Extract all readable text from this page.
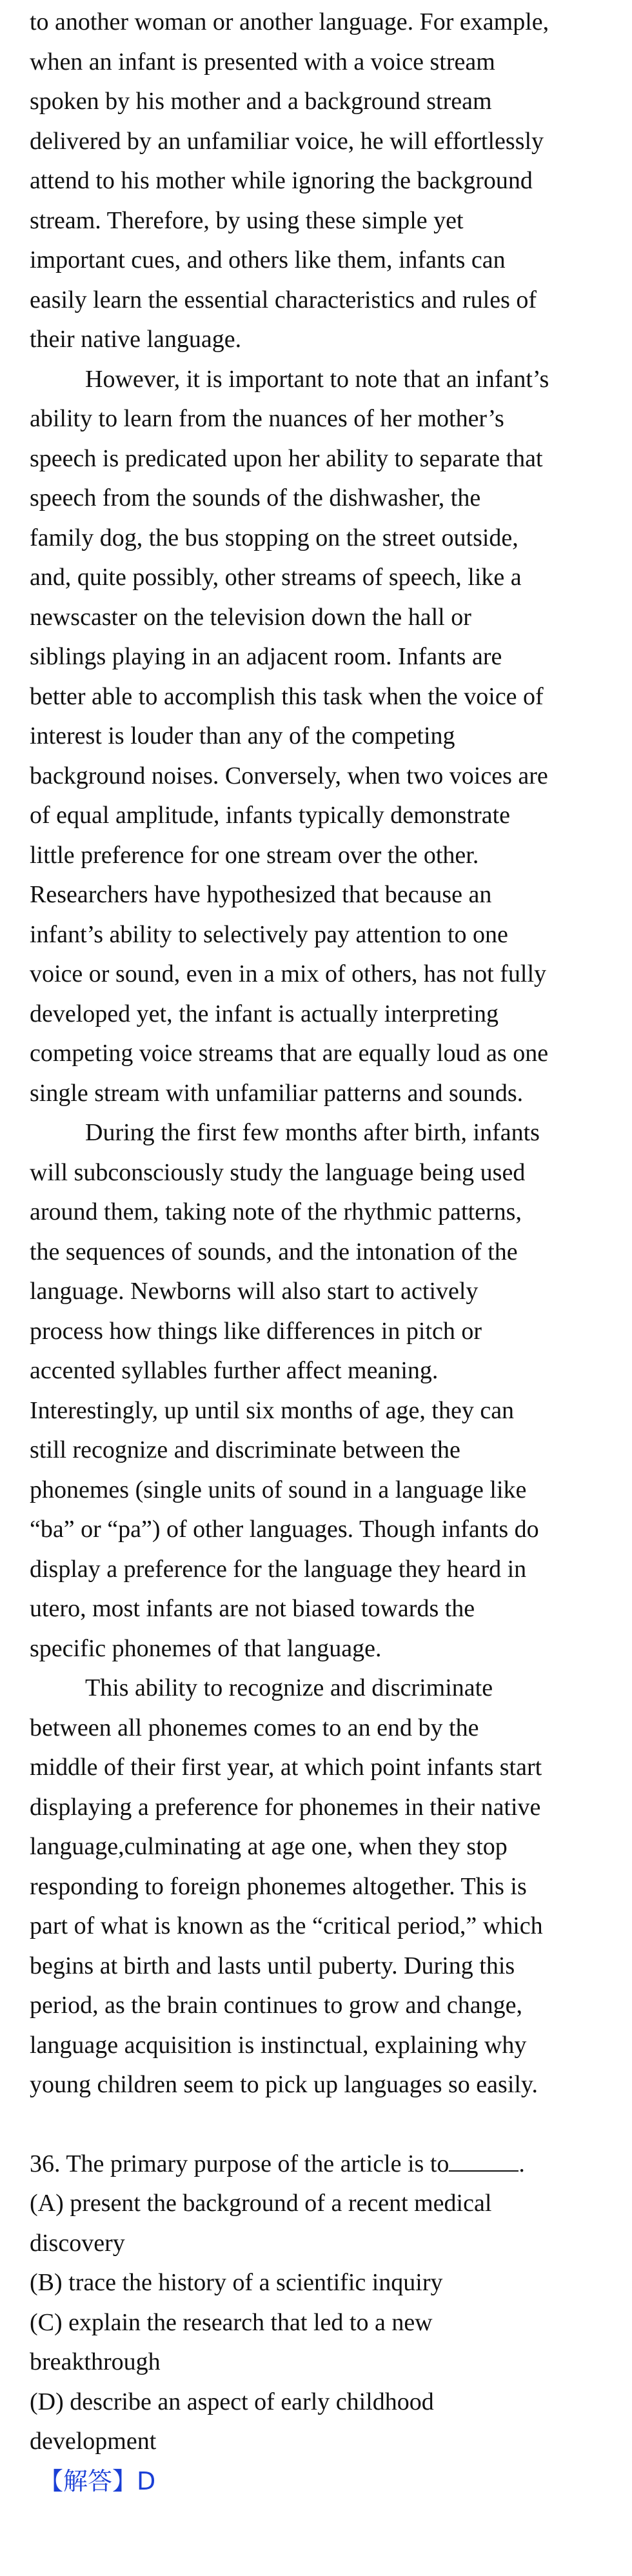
to another woman or another language. For example,
when an infant is presented with a voice stream
spoken by his mother and a background stream
delivered by an unfamiliar voice, he will effortlessly
attend to his mother while ignoring the background
stream. Therefore, by using these simple yet
important cues, and others like them, infants can
easily learn the essential characteristics and rules of
their native language.

However, it is important to note that an infant’s
ability to learn from the nuances of her mother’s
speech is predicated upon her ability to separate that
speech from the sounds of the dishwasher, the
family dog, the bus stopping on the street outside,
and, quite possibly, other streams of speech, like a
newscaster on the television down the hall or
siblings playing in an adjacent room. Infants are
better able to accomplish this task when the voice of
interest is louder than any of the competing
background noises. Conversely, when two voices are
of equal amplitude, infants typically demonstrate
little preference for one stream over the other.
Researchers have hypothesized that because an
infant’s ability to selectively pay attention to one
voice or sound, even in a mix of others, has not fully
developed yet, the infant is actually interpreting
competing voice streams that are equally loud as one
single stream with unfamiliar patterns and sounds.

During the first few months after birth, infants
will subconsciously study the language being used
around them, taking note of the rhythmic patterns,
the sequences of sounds, and the intonation of the
language. Newborns will also start to actively
process how things like differences in pitch or
accented syllables further affect meaning.
Interestingly, up until six months of age, they can
still recognize and discriminate between the
phonemes (single units of sound in a language like
“ba” or “pa”) of other languages. Though infants do
display a preference for the language they heard in
utero, most infants are not biased towards the
specific phonemes of that language.

This ability to recognize and discriminate
between all phonemes comes to an end by the
middle of their first year, at which point infants start
displaying a preference for phonemes in their native
language,culminating at age one, when they stop
responding to foreign phonemes altogether. This is
part of what is known as the “critical period,” which
begins at birth and lasts until puberty. During this
period, as the brain continues to grow and change,
language acquisition is instinctual, explaining why
young children seem to pick up languages so easily.

36. The primary purpose of the article is to	.

(A) present the background of a recent medical
discovery

(B) trace the history of a scientific inquiry

(C) explain the research that led to a new
breakthrough

(D) describe an aspect of early childhood
development

【解答】D
